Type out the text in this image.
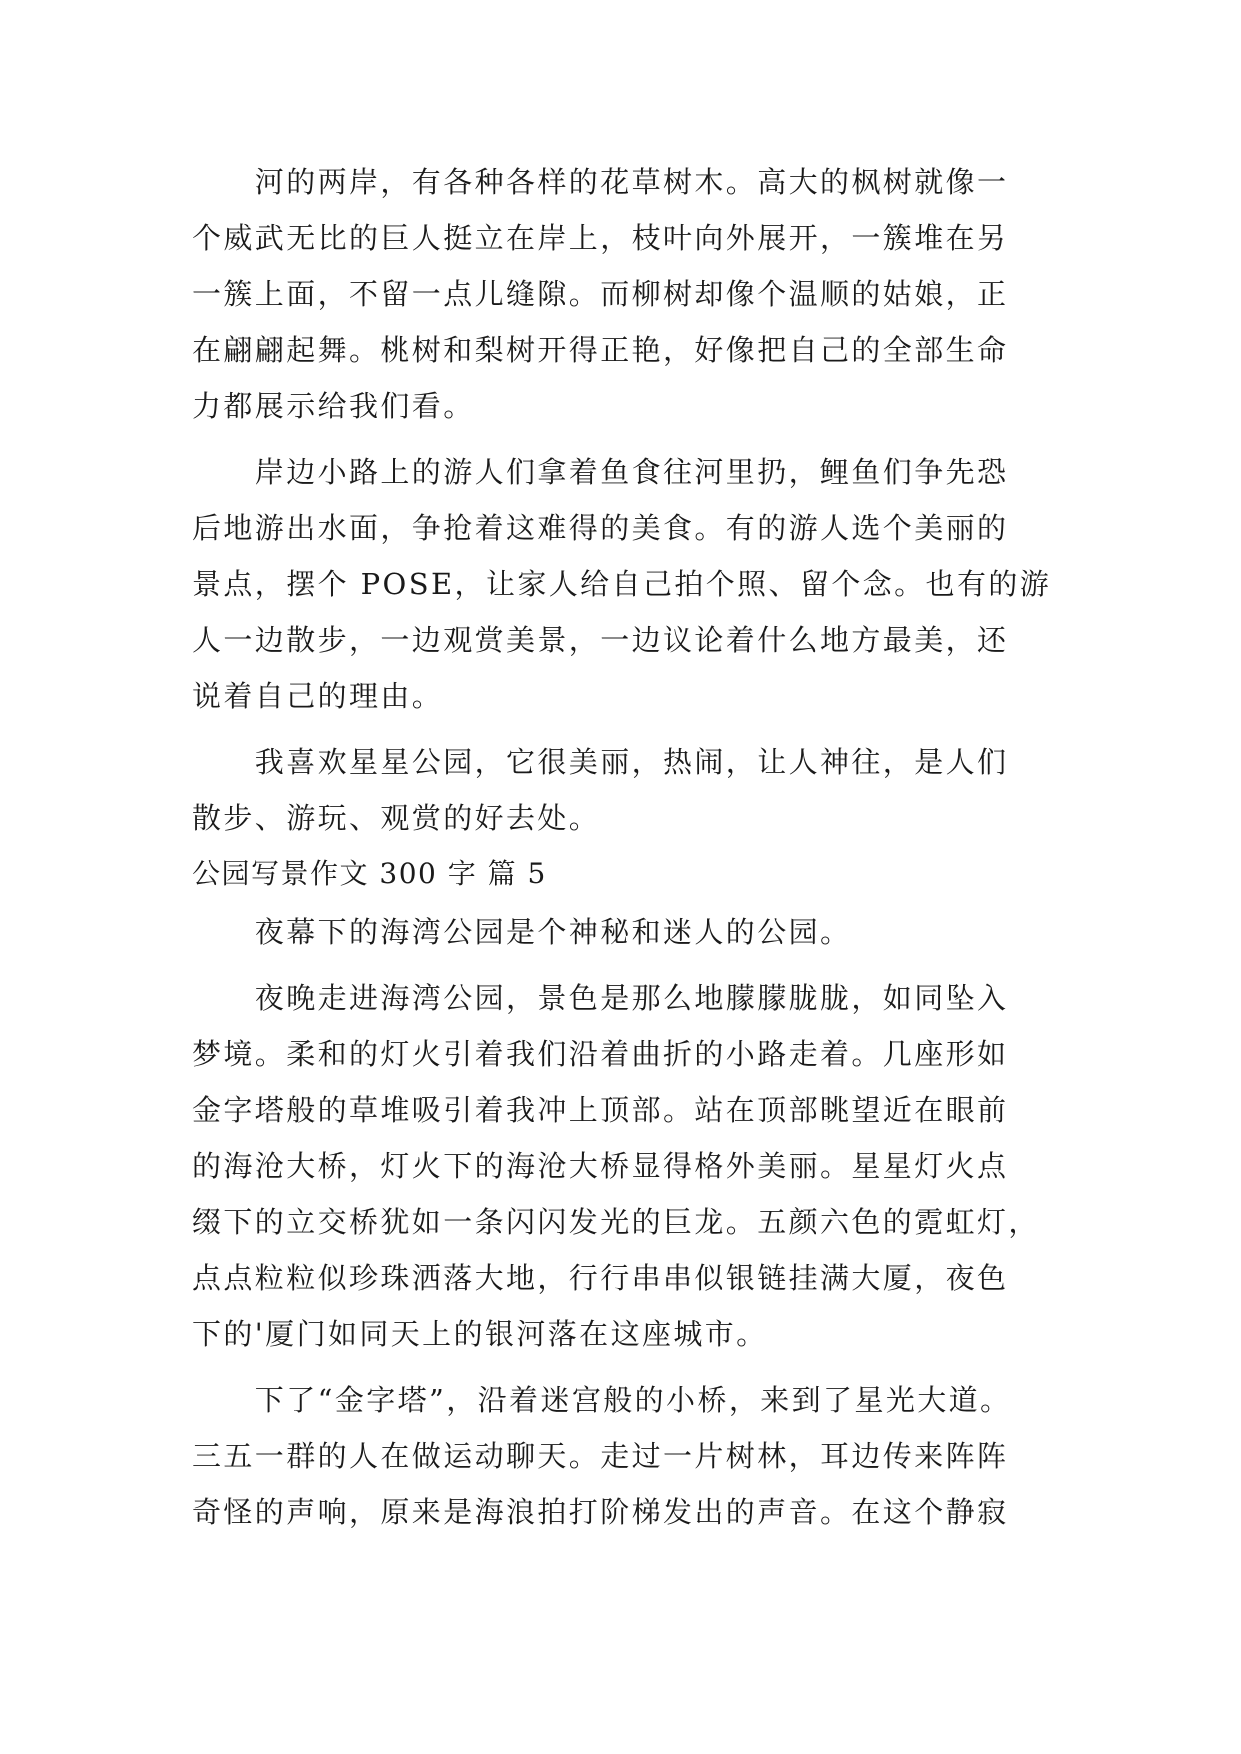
　　河的两岸，有各种各样的花草树木。高大的枫树就像一
个威武无比的巨人挺立在岸上，枝叶向外展开，一簇堆在另
一簇上面，不留一点儿缝隙。而柳树却像个温顺的姑娘，正
在翩翩起舞。桃树和梨树开得正艳，好像把自己的全部生命
力都展示给我们看。
　　岸边小路上的游人们拿着鱼食往河里扔，鲤鱼们争先恐
后地游出水面，争抢着这难得的美食。有的游人选个美丽的
景点，摆个 POSE，让家人给自己拍个照、留个念。也有的游
人一边散步，一边观赏美景，一边议论着什么地方最美，还
说着自己的理由。
　　我喜欢星星公园，它很美丽，热闹，让人神往，是人们
散步、游玩、观赏的好去处。
公园写景作文 300 字 篇 5
　　夜幕下的海湾公园是个神秘和迷人的公园。
　　夜晚走进海湾公园，景色是那么地朦朦胧胧，如同坠入
梦境。柔和的灯火引着我们沿着曲折的小路走着。几座形如
金字塔般的草堆吸引着我冲上顶部。站在顶部眺望近在眼前
的海沧大桥，灯火下的海沧大桥显得格外美丽。星星灯火点
缀下的立交桥犹如一条闪闪发光的巨龙。五颜六色的霓虹灯，
点点粒粒似珍珠洒落大地，行行串串似银链挂满大厦，夜色
下的'厦门如同天上的银河落在这座城市。
　　下了“金字塔”，沿着迷宫般的小桥，来到了星光大道。
三五一群的人在做运动聊天。走过一片树林，耳边传来阵阵
奇怪的声响，原来是海浪拍打阶梯发出的声音。在这个静寂
